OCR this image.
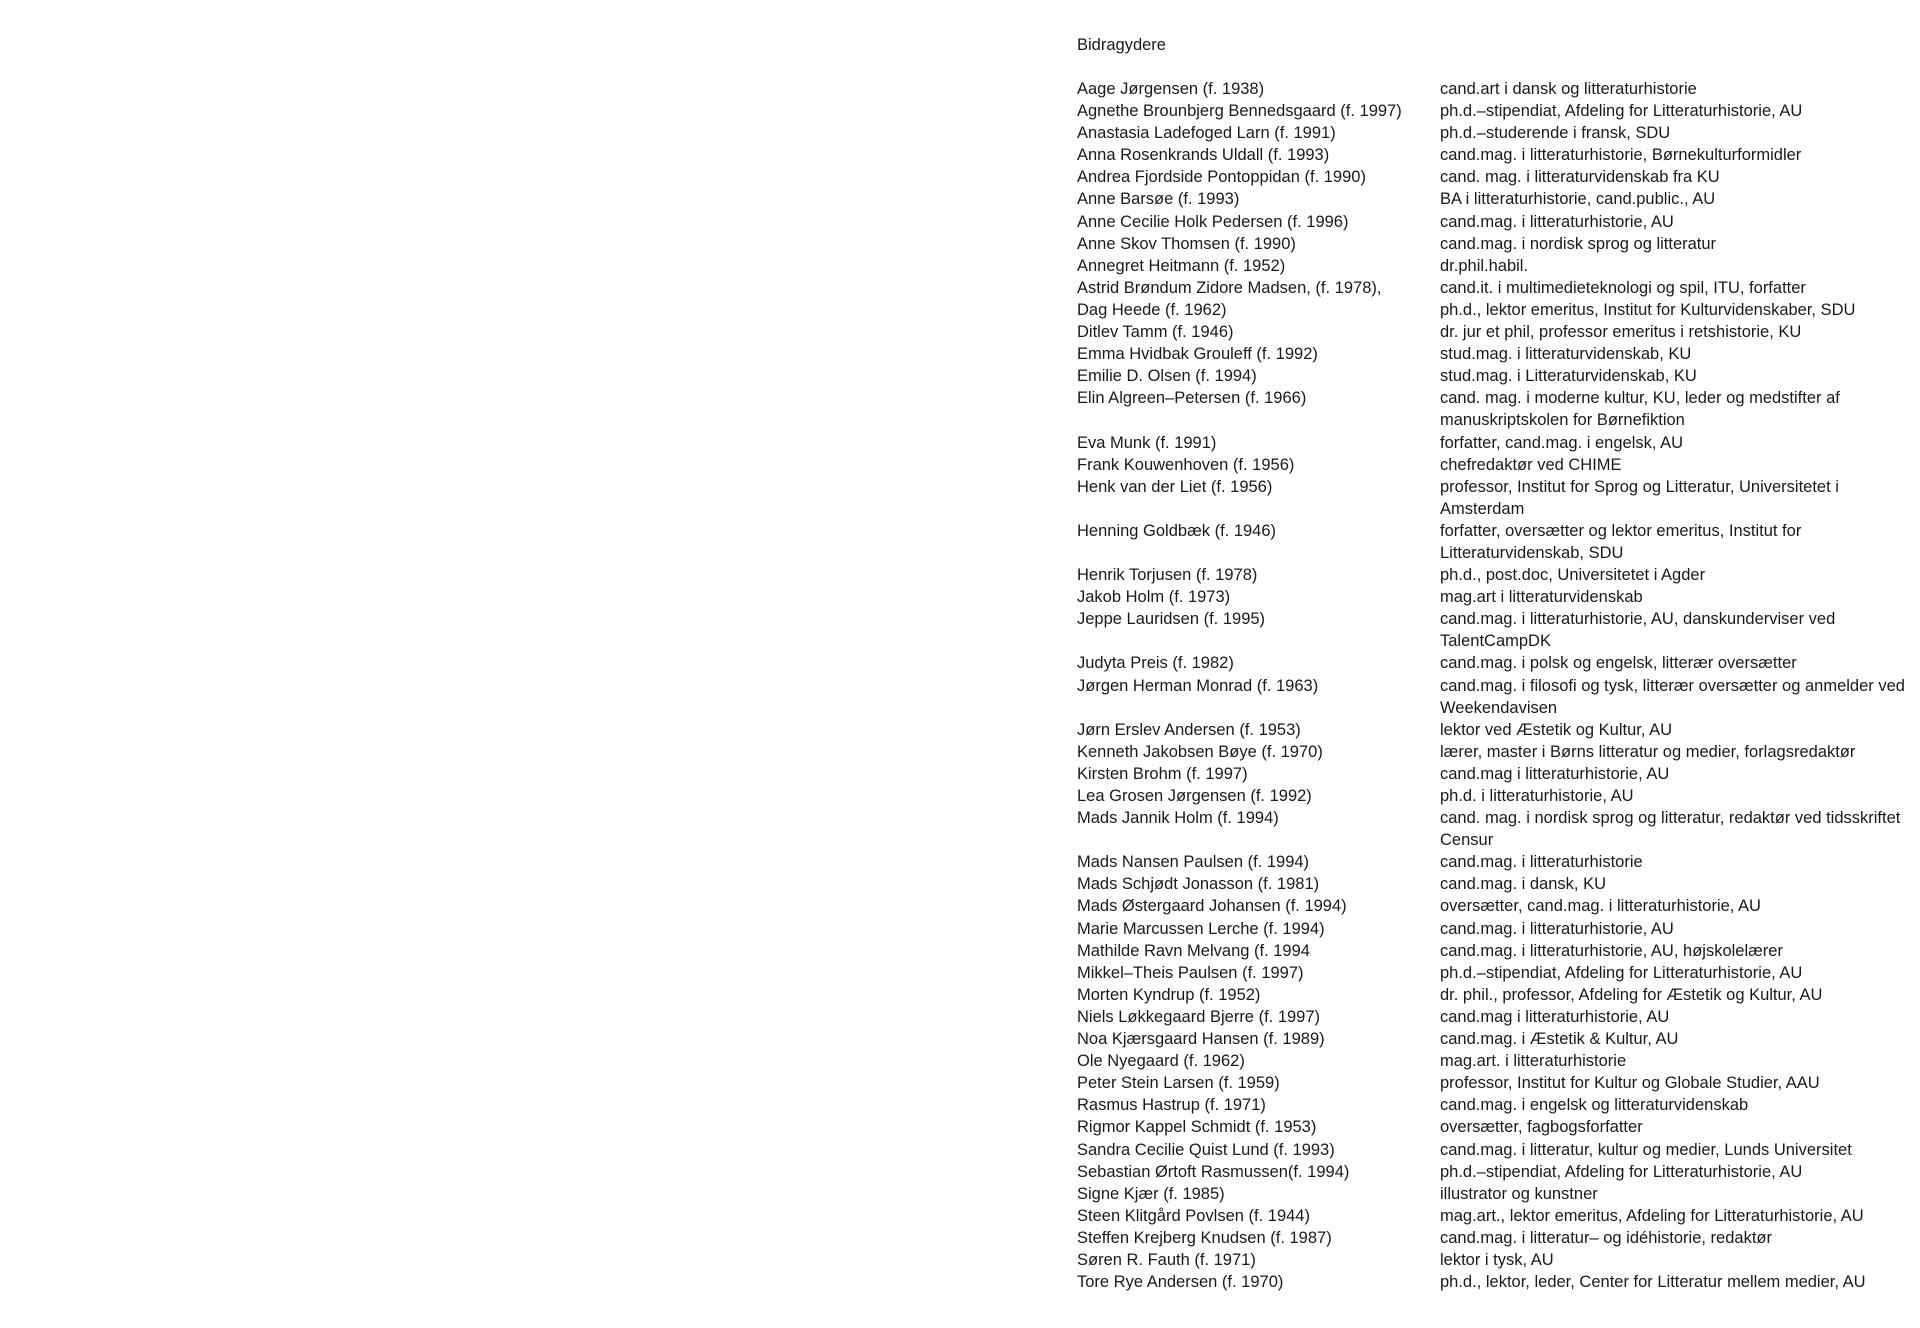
Bidragydere
Aage Jørgensen (f. 1938)	cand.art i dansk og litteraturhistorie
Agnethe Brounbjerg Bennedsgaard (f. 1997)	ph.d.–stipendiat, Afdeling for Litteraturhistorie, AU
Anastasia Ladefoged Larn (f. 1991)	ph.d.–studerende i fransk, SDU
Anna Rosenkrands Uldall (f. 1993)	cand.mag. i litteraturhistorie, Børnekulturformidler
Andrea Fjordside Pontoppidan (f. 1990)	cand. mag. i litteraturvidenskab fra KU
Anne Barsøe (f. 1993)	BA i litteraturhistorie, cand.public., AU
Anne Cecilie Holk Pedersen (f. 1996)	cand.mag. i litteraturhistorie, AU
Anne Skov Thomsen (f. 1990)	cand.mag. i nordisk sprog og litteratur
Annegret Heitmann (f. 1952)	dr.phil.habil.
Astrid Brøndum Zidore Madsen, (f. 1978),	cand.it. i multimedieteknologi og spil, ITU, forfatter
Dag Heede (f. 1962)	ph.d., lektor emeritus, Institut for Kulturvidenskaber, SDU
Ditlev Tamm (f. 1946)	dr. jur et phil, professor emeritus i retshistorie, KU
Emma Hvidbak Grouleff (f. 1992)	stud.mag. i litteraturvidenskab, KU
Emilie D. Olsen (f. 1994)	stud.mag. i Litteraturvidenskab, KU
Elin Algreen–Petersen (f. 1966)	cand. mag. i moderne kultur, KU, leder og medstifter af manuskriptskolen for Børnefiktion
Eva Munk (f. 1991)	forfatter, cand.mag. i engelsk, AU
Frank Kouwenhoven (f. 1956)	chefredaktør ved CHIME
Henk van der Liet (f. 1956)	professor, Institut for Sprog og Litteratur, Universitetet i Amsterdam
Henning Goldbæk (f. 1946)	forfatter, oversætter og lektor emeritus, Institut for Litteraturvidenskab, SDU
Henrik Torjusen (f. 1978)	ph.d., post.doc, Universitetet i Agder
Jakob Holm (f. 1973)	mag.art i litteraturvidenskab
Jeppe Lauridsen (f. 1995)	cand.mag. i litteraturhistorie, AU, danskunderviser ved TalentCampDK
Judyta Preis (f. 1982)	cand.mag. i polsk og engelsk, litterær oversætter
Jørgen Herman Monrad (f. 1963)	cand.mag. i filosofi og tysk, litterær oversætter og anmelder ved Weekendavisen
Jørn Erslev Andersen (f. 1953)	lektor ved Æstetik og Kultur, AU
Kenneth Jakobsen Bøye (f. 1970)	lærer, master i Børns litteratur og medier, forlagsredaktør
Kirsten Brohm (f. 1997)	cand.mag i litteraturhistorie, AU
Lea Grosen Jørgensen (f. 1992)	ph.d. i litteraturhistorie, AU
Mads Jannik Holm (f. 1994)	cand. mag. i nordisk sprog og litteratur, redaktør ved tidsskriftet Censur
Mads Nansen Paulsen (f. 1994)	cand.mag. i litteraturhistorie
Mads Schjødt Jonasson (f. 1981)	cand.mag. i dansk, KU
Mads Østergaard Johansen (f. 1994)	oversætter, cand.mag. i litteraturhistorie, AU
Marie Marcussen Lerche (f. 1994)	cand.mag. i litteraturhistorie, AU
Mathilde Ravn Melvang (f. 1994	cand.mag. i litteraturhistorie, AU, højskolelærer
Mikkel–Theis Paulsen (f. 1997)	ph.d.–stipendiat, Afdeling for Litteraturhistorie, AU
Morten Kyndrup (f. 1952)	dr. phil., professor, Afdeling for Æstetik og Kultur, AU
Niels Løkkegaard Bjerre (f. 1997)	cand.mag i litteraturhistorie, AU
Noa Kjærsgaard Hansen (f. 1989)	cand.mag. i Æstetik & Kultur, AU
Ole Nyegaard (f. 1962)	mag.art. i litteraturhistorie
Peter Stein Larsen (f. 1959)	professor, Institut for Kultur og Globale Studier, AAU
Rasmus Hastrup (f. 1971)	cand.mag. i engelsk og litteraturvidenskab
Rigmor Kappel Schmidt (f. 1953)	oversætter, fagbogsforfatter
Sandra Cecilie Quist Lund (f. 1993)	cand.mag. i litteratur, kultur og medier, Lunds Universitet
Sebastian Ørtoft Rasmussen(f. 1994)	ph.d.–stipendiat, Afdeling for Litteraturhistorie, AU
Signe Kjær (f. 1985)	illustrator og kunstner
Steen Klitgård Povlsen (f. 1944)	mag.art., lektor emeritus, Afdeling for Litteraturhistorie, AU
Steffen Krejberg Knudsen (f. 1987)	cand.mag. i litteratur– og idéhistorie, redaktør
Søren R. Fauth (f. 1971)	lektor i tysk, AU
Tore Rye Andersen (f. 1970)	ph.d., lektor, leder, Center for Litteratur mellem medier, AU
